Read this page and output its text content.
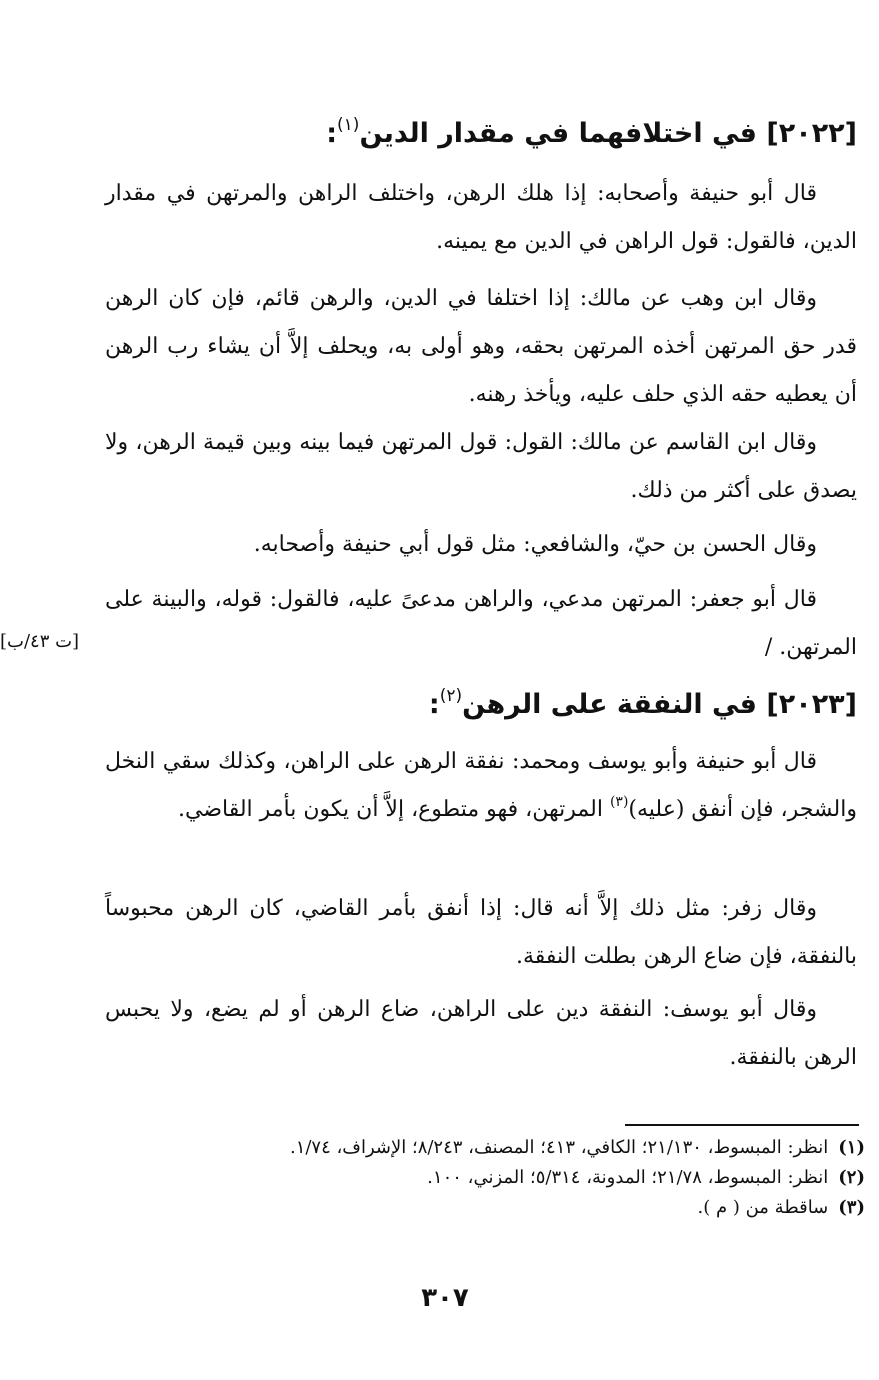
[٢٠٢٢] في اختلافهما في مقدار الدين$^{(١)}$:
قال أبو حنيفة وأصحابه: إذا هلك الرهن، واختلف الراهن والمرتهن في مقدار الدين، فالقول: قول الراهن في الدين مع يمينه.
وقال ابن وهب عن مالك: إذا اختلفا في الدين، والرهن قائم، فإن كان الرهن قدر حق المرتهن أخذه المرتهن بحقه، وهو أولى به، ويحلف إلاَّ أن يشاء رب الرهن أن يعطيه حقه الذي حلف عليه، ويأخذ رهنه.
وقال ابن القاسم عن مالك: القول: قول المرتهن فيما بينه وبين قيمة الرهن، ولا يصدق على أكثر من ذلك.
وقال الحسن بن حيّ، والشافعي: مثل قول أبي حنيفة وأصحابه.
قال أبو جعفر: المرتهن مدعي، والراهن مدعىً عليه، فالقول: قوله، والبينة على المرتهن. /
[ت ٤٣/ب]
[٢٠٢٣] في النفقة على الرهن$^{(٢)}$:
قال أبو حنيفة وأبو يوسف ومحمد: نفقة الرهن على الراهن، وكذلك سقي النخل والشجر، فإن أنفق (عليه)$^{(٣)}$ المرتهن، فهو متطوع، إلاَّ أن يكون بأمر القاضي.
وقال زفر: مثل ذلك إلاَّ أنه قال: إذا أنفق بأمر القاضي، كان الرهن محبوساً بالنفقة، فإن ضاع الرهن بطلت النفقة.
وقال أبو يوسف: النفقة دين على الراهن، ضاع الرهن أو لم يضع، ولا يحبس الرهن بالنفقة.
(١)انظر: المبسوط، ٢١/١٣٠؛ الكافي، ٤١٣؛ المصنف، ٨/٢٤٣؛ الإشراف، ١/٧٤.
(٢)انظر: المبسوط، ٢١/٧٨؛ المدونة، ٥/٣١٤؛ المزني، ١٠٠.
(٣)ساقطة من ( م ).
٣٠٧
